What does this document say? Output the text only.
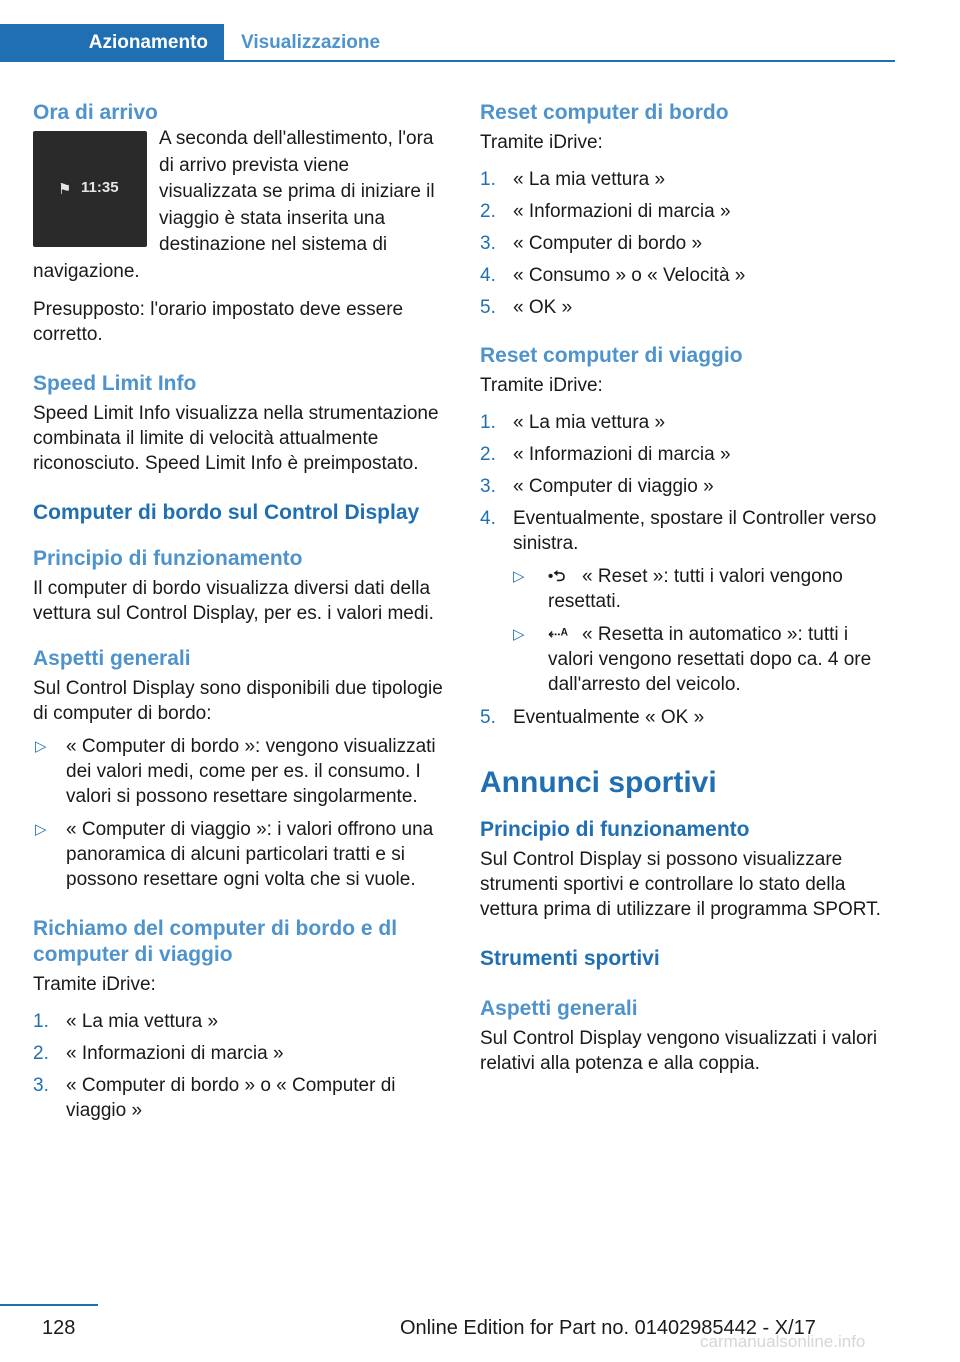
Azionamento	Visualizzazione
Ora di arrivo
⚑ 11:35

A seconda dell'allestimento, l'ora di arrivo prevista viene visualizzata se prima di iniziare il viaggio è stata inserita una destinazione nel sistema di navigazione.

Presupposto: l'orario impostato deve essere corretto.

Speed Limit Info

Speed Limit Info visualizza nella strumentazione combinata il limite di velocità attualmente riconosciuto. Speed Limit Info è preimpostato.

Computer di bordo sul Control Display
Principio di funzionamento

Il computer di bordo visualizza diversi dati della vettura sul Control Display, per es. i valori medi.

Aspetti generali

Sul Control Display sono disponibili due tipologie di computer di bordo:

▷ « Computer di bordo »: vengono visualizzati dei valori medi, come per es. il consumo. I valori si possono resettare singolarmente.
▷ « Computer di viaggio »: i valori offrono una panoramica di alcuni particolari tratti e si possono resettare ogni volta che si vuole.
Richiamo del computer di bordo e dl computer di viaggio

Tramite iDrive:

1. « La mia vettura »
2. « Informazioni di marcia »
3. « Computer di bordo » o « Computer di viaggio »
Reset computer di bordo

Tramite iDrive:

1. « La mia vettura »
2. « Informazioni di marcia »
3. « Computer di bordo »
4. « Consumo » o « Velocità »
5. « OK »
Reset computer di viaggio

Tramite iDrive:

1. « La mia vettura »
2. « Informazioni di marcia »
3. « Computer di viaggio »
4. Eventualmente, spostare il Controller verso sinistra.
▷ •⮌ « Reset »: tutti i valori vengono resettati.
▷ ⇠ᴬ « Resetta in automatico »: tutti i valori vengono resettati dopo ca. 4 ore dall'arresto del veicolo.
5. Eventualmente « OK »
Annunci sportivi
Principio di funzionamento

Sul Control Display si possono visualizzare strumenti sportivi e controllare lo stato della vettura prima di utilizzare il programma SPORT.

Strumenti sportivi
Aspetti generali

Sul Control Display vengono visualizzati i valori relativi alla potenza e alla coppia.

128	Online Edition for Part no. 01402985442 - X/17
carmanualsonline.info
